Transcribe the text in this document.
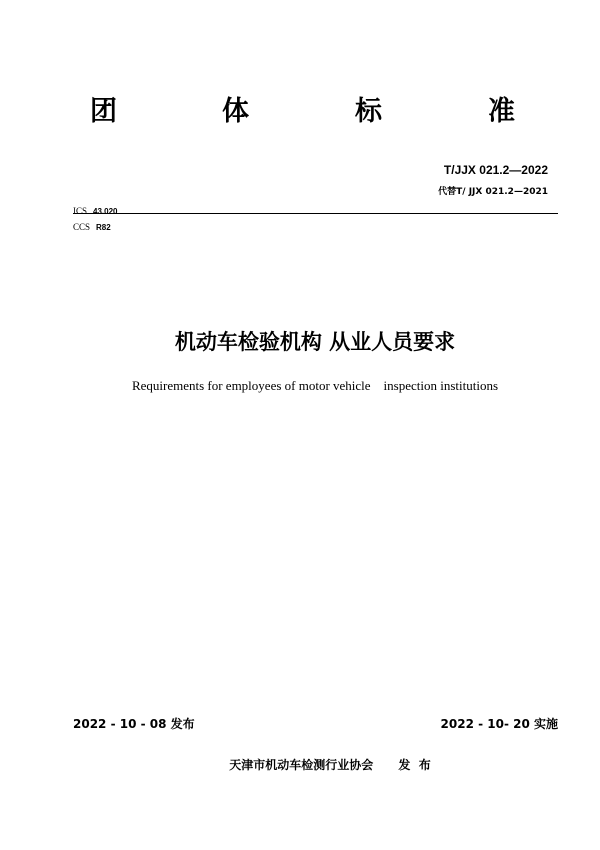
团	体	标	准
T/JJX 021.2—2022
代替T/ JJX 021.2—2021
ICS 43.020
CCS R82
机动车检验机构 从业人员要求
Requirements for employees of motor vehicle    inspection institutions
2022 - 10 - 08 发布	2022 - 10- 20 实施
天津市机动车检测行业协会 发  布
